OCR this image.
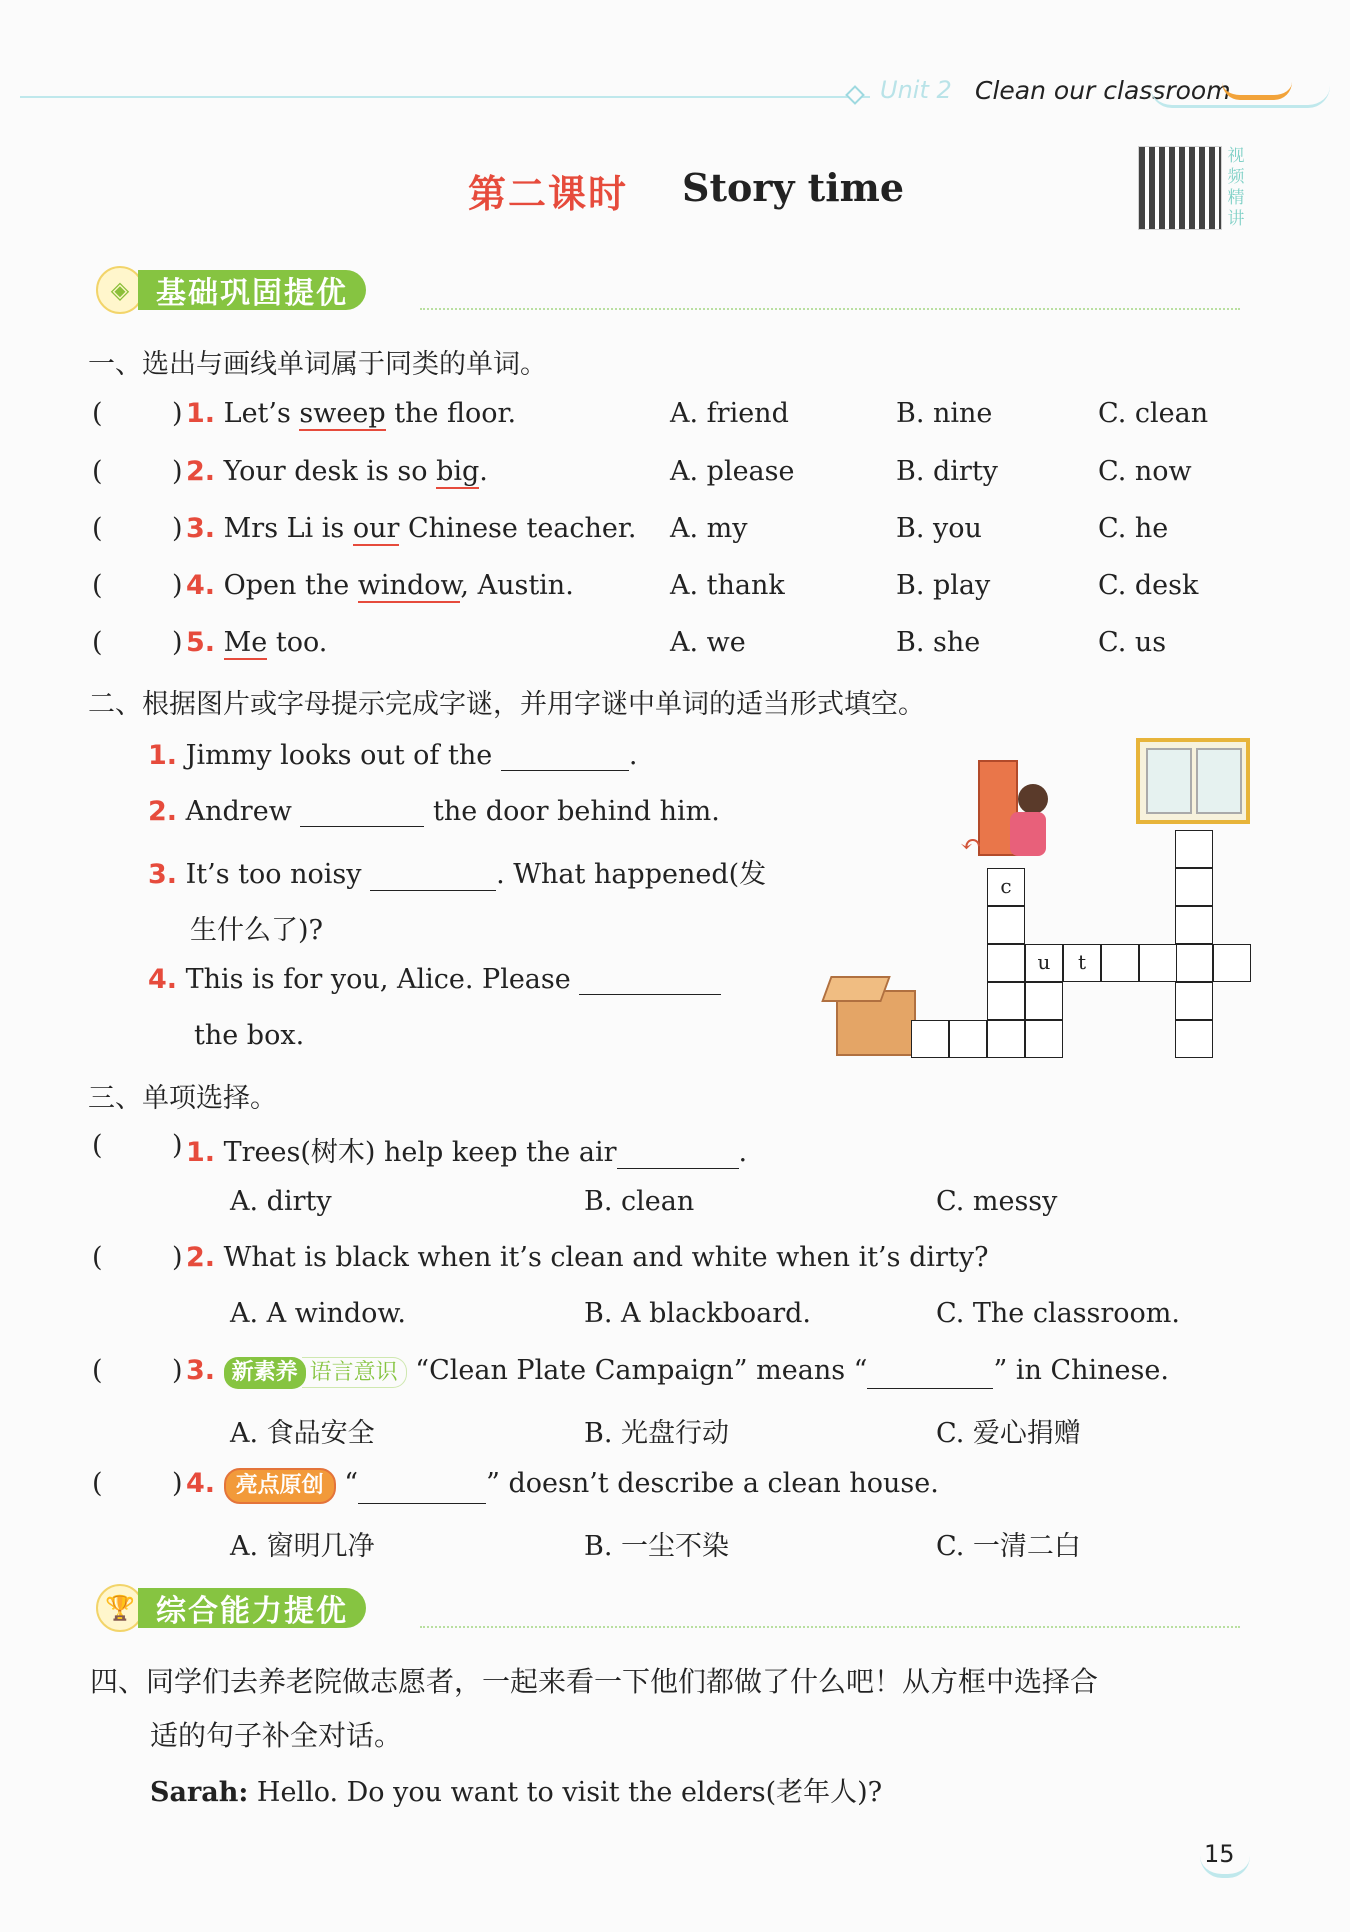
Unit 2 Clean our classroom
第二课时 Story time
视频精讲
◈ 基础巩固提优
一、选出与画线单词属于同类的单词。
(	) 1. Let’s sweep the floor.	A. friend	B. nine	C. clean
(	) 2. Your desk is so big.	A. please	B. dirty	C. now
(	) 3. Mrs Li is our Chinese teacher. A. my	B. you	C. he
(	) 4. Open the window, Austin.	A. thank	B. play	C. desk
(	) 5. Me too.	A. we	B. she	C. us
二、根据图片或字母提示完成字谜，并用字谜中单词的适当形式填空。
1. Jimmy looks out of the	.
2. Andrew	the door behind him.
3. It’s too noisy	. What happened(发
生什么了)?
4. This is for you, Alice. Please
the box.
↶
c
u	t
三、单项选择。
(	) 1. Trees(树木) help keep the air	.
A. dirty	B. clean	C. messy
(	) 2. What is black when it’s clean and white when it’s dirty?
A. A window.	B. A blackboard.	C. The classroom.
(	) 3. 新素养 语言意识 “Clean Plate Campaign” means “	” in Chinese.
A. 食品安全	B. 光盘行动	C. 爱心捐赠
(	) 4. 亮点原创 “	” doesn’t describe a clean house.
A. 窗明几净	B. 一尘不染	C. 一清二白
🏆 综合能力提优
四、同学们去养老院做志愿者，一起来看一下他们都做了什么吧！从方框中选择合
适的句子补全对话。
Sarah: Hello. Do you want to visit the elders(老年人)?
15
